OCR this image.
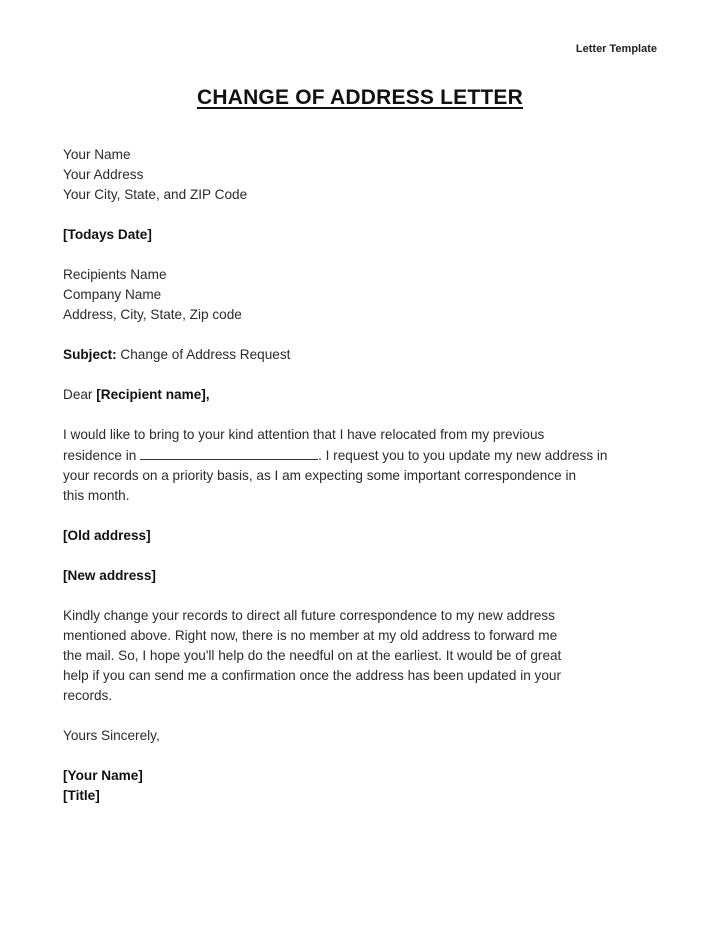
Letter Template
CHANGE OF ADDRESS LETTER
Your Name
Your Address
Your City, State, and ZIP Code
[Todays Date]
Recipients Name
Company Name
Address, City, State, Zip code
Subject: Change of Address Request
Dear [Recipient name],
I would like to bring to your kind attention that I have relocated from my previous
residence in	. I request you to you update my new address in
your records on a priority basis, as I am expecting some important correspondence in
this month.
[Old address]
[New address]
Kindly change your records to direct all future correspondence to my new address
mentioned above. Right now, there is no member at my old address to forward me
the mail. So, I hope you'll help do the needful on at the earliest. It would be of great
help if you can send me a confirmation once the address has been updated in your
records.
Yours Sincerely,
[Your Name]
[Title]
